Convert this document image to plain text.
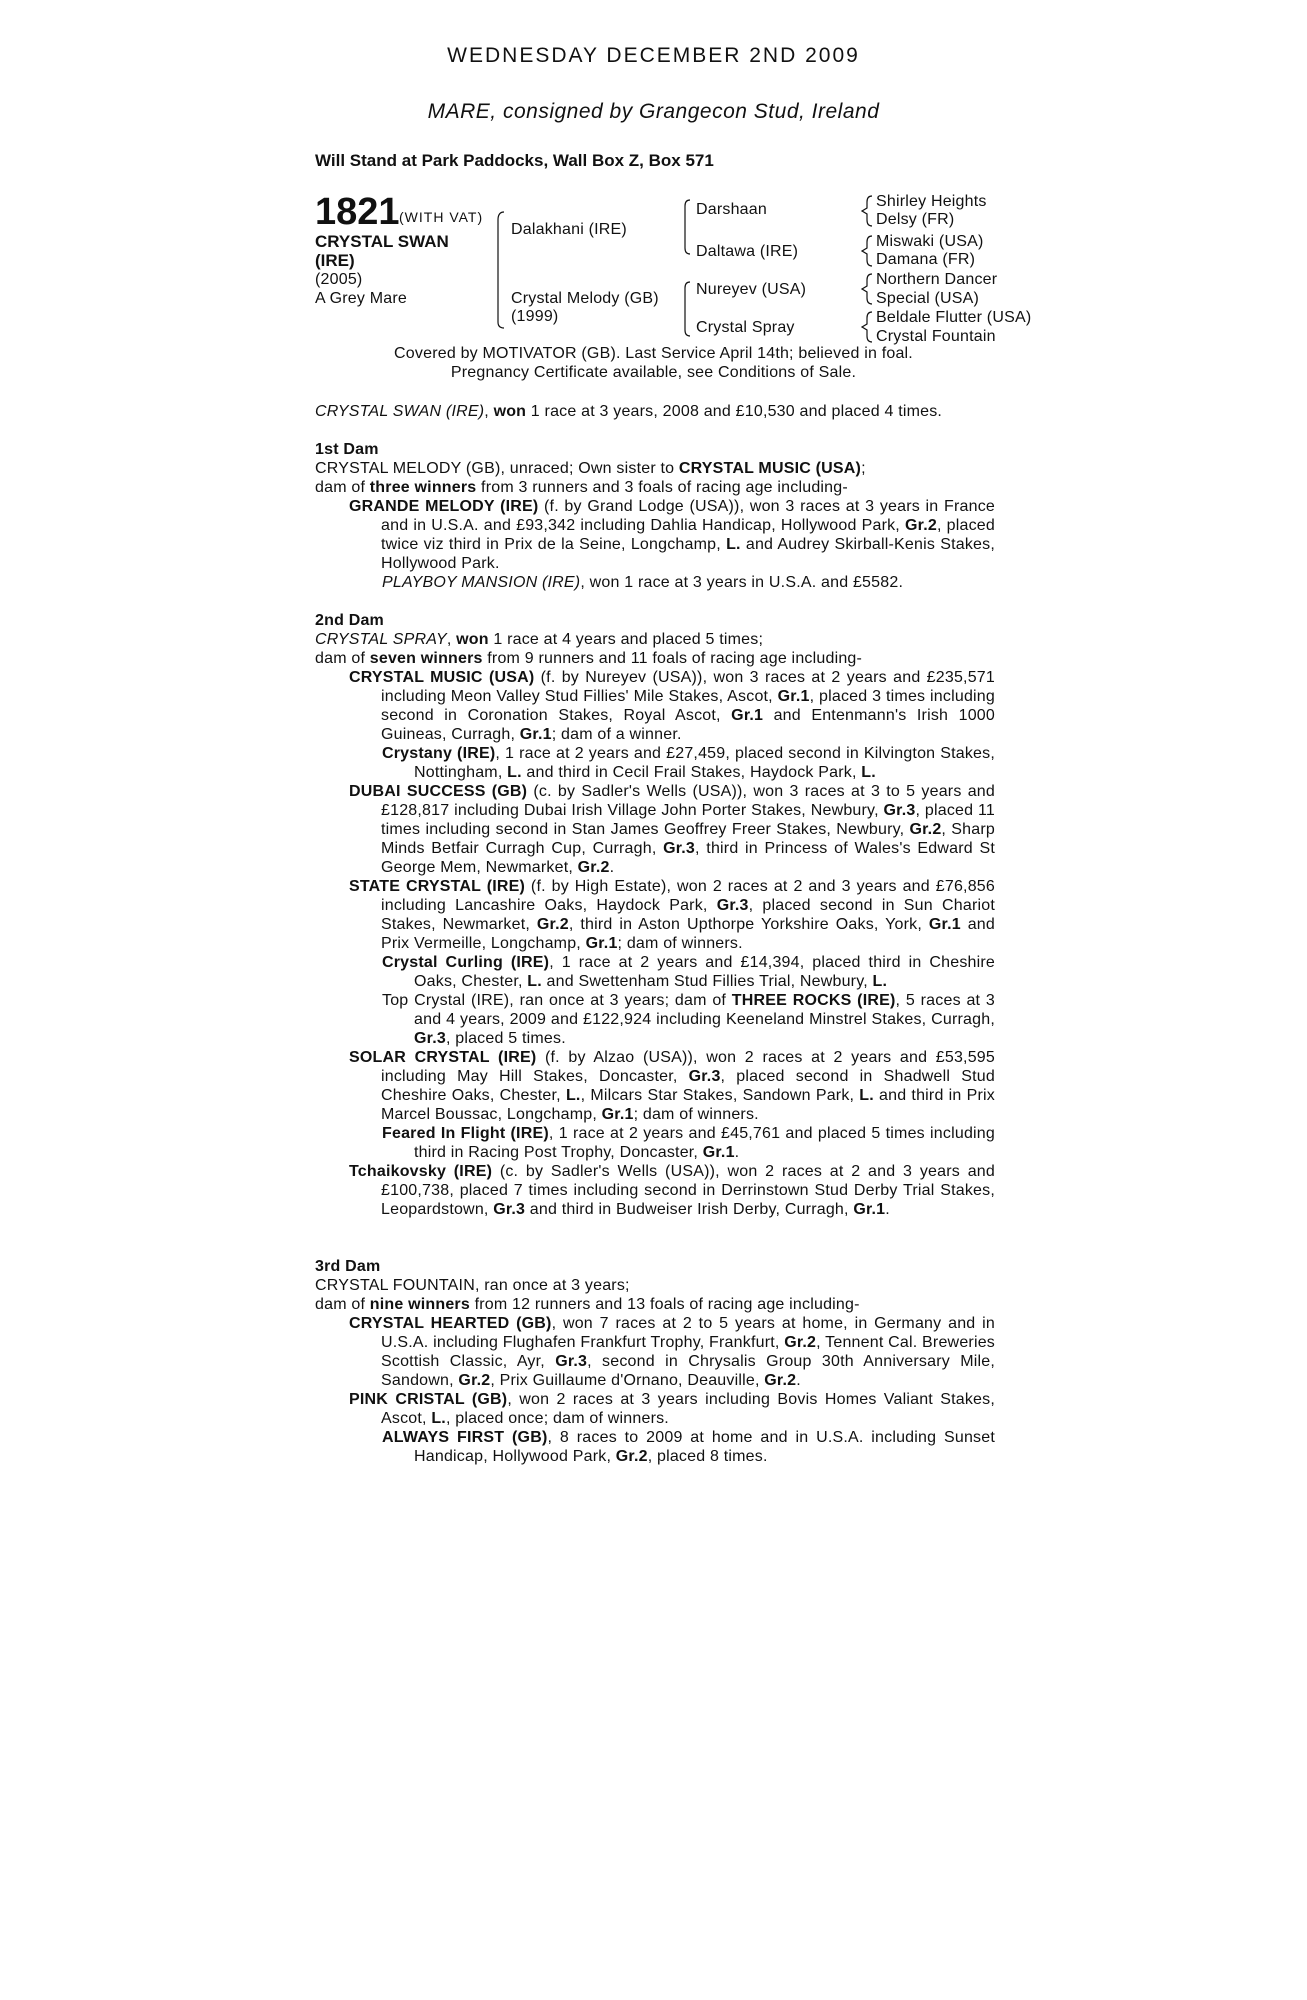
WEDNESDAY DECEMBER 2ND 2009
MARE, consigned by Grangecon Stud, Ireland
Will Stand at Park Paddocks, Wall Box Z, Box 571
1821 (WITH VAT)
CRYSTAL SWAN
(IRE)
(2005)
A Grey Mare
Dalakhani (IRE)
Crystal Melody (GB)
(1999)
Darshaan
Daltawa (IRE)
Nureyev (USA)
Crystal Spray
Shirley Heights
Delsy (FR)
Miswaki (USA)
Damana (FR)
Northern Dancer
Special (USA)
Beldale Flutter (USA)
Crystal Fountain
Covered by MOTIVATOR (GB). Last Service April 14th; believed in foal.
Pregnancy Certificate available, see Conditions of Sale.
CRYSTAL SWAN (IRE), won 1 race at 3 years, 2008 and £10,530 and placed 4 times.

1st Dam

CRYSTAL MELODY (GB), unraced; Own sister to CRYSTAL MUSIC (USA);

dam of three winners from 3 runners and 3 foals of racing age including-

GRANDE MELODY (IRE) (f. by Grand Lodge (USA)), won 3 races at 3 years in France and in U.S.A. and £93,342 including Dahlia Handicap, Hollywood Park, Gr.2, placed twice viz third in Prix de la Seine, Longchamp, L. and Audrey Skirball-Kenis Stakes, Hollywood Park.

PLAYBOY MANSION (IRE), won 1 race at 3 years in U.S.A. and £5582.

2nd Dam

CRYSTAL SPRAY, won 1 race at 4 years and placed 5 times;

dam of seven winners from 9 runners and 11 foals of racing age including-

CRYSTAL MUSIC (USA) (f. by Nureyev (USA)), won 3 races at 2 years and £235,571 including Meon Valley Stud Fillies' Mile Stakes, Ascot, Gr.1, placed 3 times including second in Coronation Stakes, Royal Ascot, Gr.1 and Entenmann's Irish 1000 Guineas, Curragh, Gr.1; dam of a winner.

Crystany (IRE), 1 race at 2 years and £27,459, placed second in Kilvington Stakes, Nottingham, L. and third in Cecil Frail Stakes, Haydock Park, L.

DUBAI SUCCESS (GB) (c. by Sadler's Wells (USA)), won 3 races at 3 to 5 years and £128,817 including Dubai Irish Village John Porter Stakes, Newbury, Gr.3, placed 11 times including second in Stan James Geoffrey Freer Stakes, Newbury, Gr.2, Sharp Minds Betfair Curragh Cup, Curragh, Gr.3, third in Princess of Wales's Edward St George Mem, Newmarket, Gr.2.

STATE CRYSTAL (IRE) (f. by High Estate), won 2 races at 2 and 3 years and £76,856 including Lancashire Oaks, Haydock Park, Gr.3, placed second in Sun Chariot Stakes, Newmarket, Gr.2, third in Aston Upthorpe Yorkshire Oaks, York, Gr.1 and Prix Vermeille, Longchamp, Gr.1; dam of winners.

Crystal Curling (IRE), 1 race at 2 years and £14,394, placed third in Cheshire Oaks, Chester, L. and Swettenham Stud Fillies Trial, Newbury, L.

Top Crystal (IRE), ran once at 3 years; dam of THREE ROCKS (IRE), 5 races at 3 and 4 years, 2009 and £122,924 including Keeneland Minstrel Stakes, Curragh, Gr.3, placed 5 times.

SOLAR CRYSTAL (IRE) (f. by Alzao (USA)), won 2 races at 2 years and £53,595 including May Hill Stakes, Doncaster, Gr.3, placed second in Shadwell Stud Cheshire Oaks, Chester, L., Milcars Star Stakes, Sandown Park, L. and third in Prix Marcel Boussac, Longchamp, Gr.1; dam of winners.

Feared In Flight (IRE), 1 race at 2 years and £45,761 and placed 5 times including third in Racing Post Trophy, Doncaster, Gr.1.

Tchaikovsky (IRE) (c. by Sadler's Wells (USA)), won 2 races at 2 and 3 years and £100,738, placed 7 times including second in Derrinstown Stud Derby Trial Stakes, Leopardstown, Gr.3 and third in Budweiser Irish Derby, Curragh, Gr.1.

3rd Dam

CRYSTAL FOUNTAIN, ran once at 3 years;

dam of nine winners from 12 runners and 13 foals of racing age including-

CRYSTAL HEARTED (GB), won 7 races at 2 to 5 years at home, in Germany and in U.S.A. including Flughafen Frankfurt Trophy, Frankfurt, Gr.2, Tennent Cal. Breweries Scottish Classic, Ayr, Gr.3, second in Chrysalis Group 30th Anniversary Mile, Sandown, Gr.2, Prix Guillaume d'Ornano, Deauville, Gr.2.

PINK CRISTAL (GB), won 2 races at 3 years including Bovis Homes Valiant Stakes, Ascot, L., placed once; dam of winners.

ALWAYS FIRST (GB), 8 races to 2009 at home and in U.S.A. including Sunset Handicap, Hollywood Park, Gr.2, placed 8 times.
